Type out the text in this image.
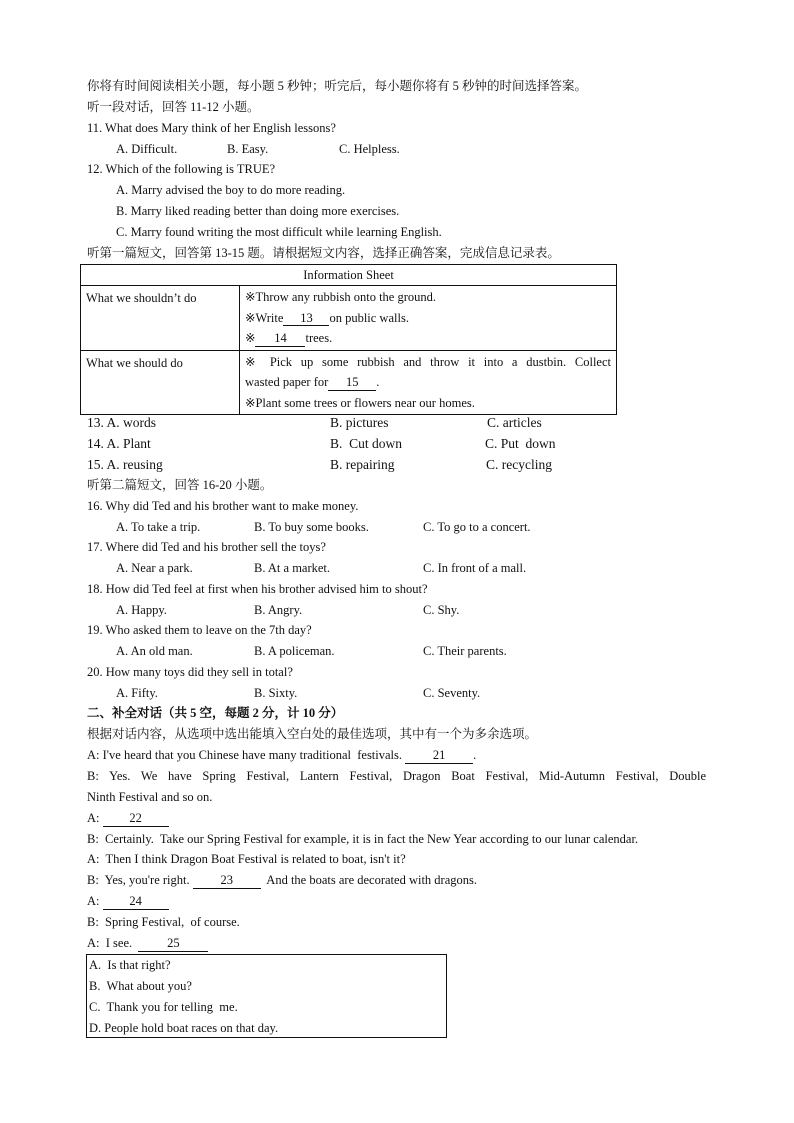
你将有时间阅读相关小题，每小题 5 秒钟；听完后，每小题你将有 5 秒钟的时间选择答案。
听一段对话，回答 11-12 小题。
11. What does Mary think of her English lessons?
A. Difficult.	B. Easy.	C. Helpless.
12. Which of the following is TRUE?
A. Marry advised the boy to do more reading.
B. Marry liked reading better than doing more exercises.
C. Marry found writing the most difficult while learning English.
听第一篇短文，回答第 13-15 题。请根据短文内容，选择正确答案，完成信息记录表。
Information Sheet	
What we shouldn’t do	※Throw any rubbish onto the ground.

※Write 13 on public walls.

※ 14 trees.

What we should do	※ Pick up some rubbish and throw it into a dustbin. Collect

wasted paper for 15 .

※Plant some trees or flowers near our homes.

13. A. words	B. pictures	C. articles
14. A. Plant	B.  Cut down	C. Put  down
15. A. reusing	B. repairing	C. recycling
听第二篇短文，回答 16-20 小题。
16. Why did Ted and his brother want to make money.
A. To take a trip.	B. To buy some books.	C. To go to a concert.
17. Where did Ted and his brother sell the toys?
A. Near a park.	B. At a market.	C. In front of a mall.
18. How did Ted feel at first when his brother advised him to shout?
A. Happy.	B. Angry.	C. Shy.
19. Who asked them to leave on the 7th day?
A. An old man.	B. A policeman.	C. Their parents.
20. How many toys did they sell in total?
A. Fifty.	B. Sixty.	C. Seventy.
二、补全对话（共 5 空，每题 2 分，计 10 分）
根据对话内容，从选项中选出能填入空白处的最佳选项，其中有一个为多余选项。
A: I've heard that you Chinese have many traditional  festivals. 21 .
B: Yes. We have Spring Festival, Lantern Festival, Dragon Boat Festival, Mid-Autumn Festival, Double
Ninth Festival and so on.
A: 22
B:  Certainly.  Take our Spring Festival for example, it is in fact the New Year according to our lunar calendar.
A:  Then I think Dragon Boat Festival is related to boat, isn't it?
B:  Yes, you're right. 23  And the boats are decorated with dragons.
A: 24
B:  Spring Festival,  of course.
A:  I see.  25
A.  Is that right?
B.  What about you?
C.  Thank you for telling  me.
D. People hold boat races on that day.
